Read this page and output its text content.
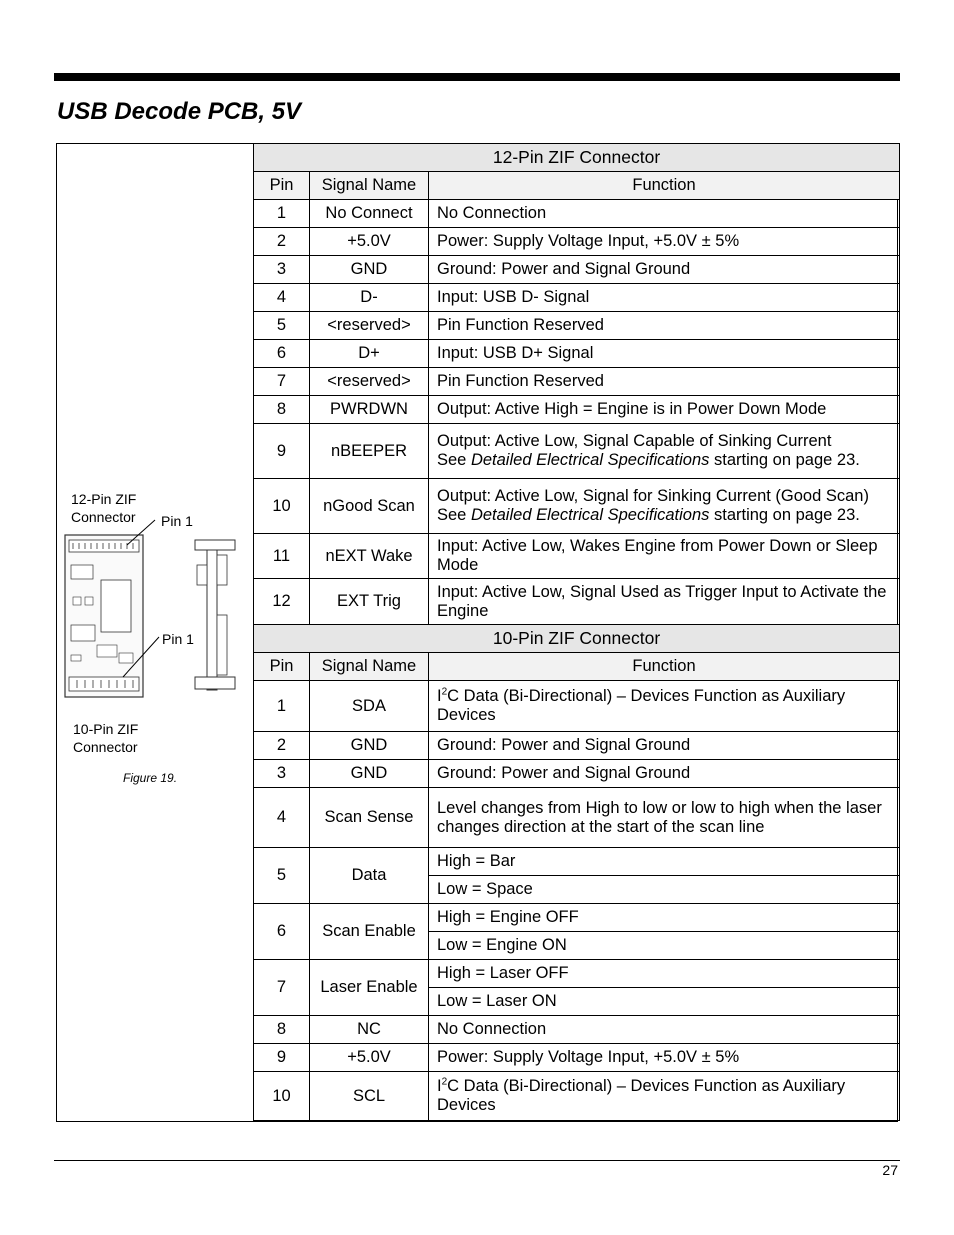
USB Decode PCB, 5V
12-Pin ZIF
Connector Pin 1
Pin 1
10-Pin ZIF
Connector
Figure 19.
12-Pin ZIF Connector		
Pin	Signal Name	Function
1	No Connect	No Connection
2	+5.0V	Power: Supply Voltage Input, +5.0V ± 5%
3	GND	Ground: Power and Signal Ground
4	D-	Input: USB D- Signal
5	<reserved>	Pin Function Reserved
6	D+	Input: USB D+ Signal
7	<reserved>	Pin Function Reserved
8	PWRDWN	Output: Active High = Engine is in Power Down Mode
9	nBEEPER	Output: Active Low, Signal Capable of Sinking Current
See Detailed Electrical Specifications starting on page 23.
10	nGood Scan	Output: Active Low, Signal for Sinking Current (Good Scan)
See Detailed Electrical Specifications starting on page 23.
11	nEXT Wake	Input: Active Low, Wakes Engine from Power Down or Sleep Mode
12	EXT Trig	Input: Active Low, Signal Used as Trigger Input to Activate the Engine
10-Pin ZIF Connector		
Pin	Signal Name	Function
1	SDA	$I^2C$ Data (Bi-Directional) – Devices Function as Auxiliary Devices
2	GND	Ground: Power and Signal Ground
3	GND	Ground: Power and Signal Ground
4	Scan Sense	Level changes from High to low or low to high when the laser changes direction at the start of the scan line
5	Data	High = Bar
		Low = Space
6	Scan Enable	High = Engine OFF
		Low = Engine ON
7	Laser Enable	High = Laser OFF
		Low = Laser ON
8	NC	No Connection
9	+5.0V	Power: Supply Voltage Input, +5.0V ± 5%
10	SCL	$I^2C$ Data (Bi-Directional) – Devices Function as Auxiliary Devices
27
